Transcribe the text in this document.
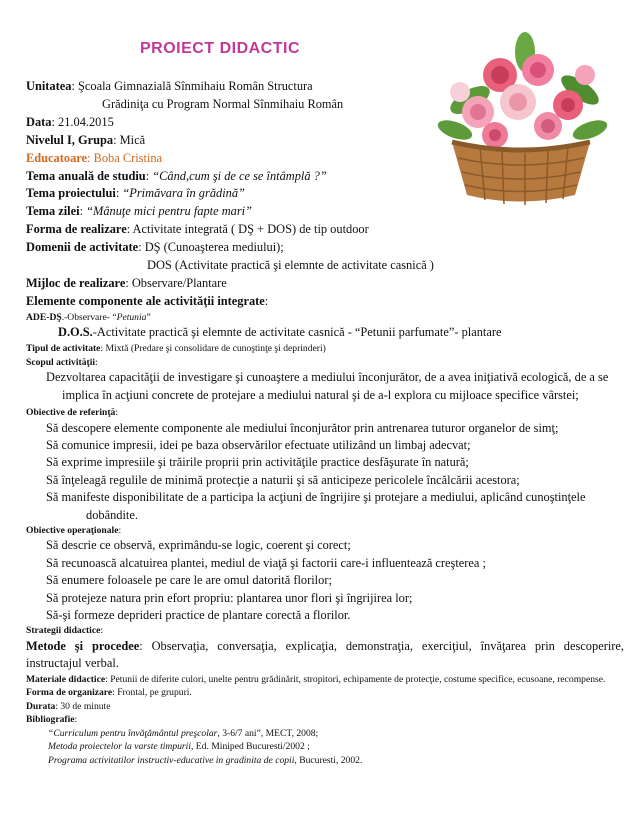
PROIECT DIDACTIC
Unitatea: Şcoala Gimnazială Sînmihaiu Român Structura
Grădiniţa cu Program Normal Sînmihaiu Român
Data: 21.04.2015
Nivelul I, Grupa: Mică
Educatoare: Boba Cristina
Tema anuală de studiu: “Când,cum şi de ce se întâmplă ?”
Tema proiectului: “Primăvara în grădină”
Tema zilei: “Mânuţe mici pentru fapte mari”
Forma de realizare: Activitate integrată ( DŞ + DOS) de tip outdoor
Domenii de activitate: DŞ (Cunoaşterea mediului);
DOS (Activitate practică şi elemnte de activitate casnică )
Mijloc de realizare: Observare/Plantare
Elemente componente ale activităţii integrate:
ADE-DŞ.-Observare- “Petunia”
D.O.S.-Activitate practică şi elemnte de activitate casnică - “Petunii parfumate”- plantare
Tipul de activitate: Mixtă (Predare şi consolidare de cunoştinţe şi deprinderi)
Scopul activităţii:
Dezvoltarea capacităţii de investigare şi cunoaştere a mediului înconjurător, de a avea iniţiativă ecologică, de a se
implica în acţiuni concrete de protejare a mediului natural şi de a-l explora cu mijloace specifice vârstei;
Obiective de referinţă:
Să descopere elemente componente ale mediului înconjurător prin antrenarea tuturor organelor de simţ;
Să comunice impresii, idei pe baza observărilor efectuate utilizând un limbaj adecvat;
Să exprime impresiile şi trăirile proprii prin activităţile practice desfăşurate în natură;
Să înţeleagă regulile de minimă protecţie a naturii şi să anticipeze pericolele încălcării acestora;
Să manifeste disponibilitate de a participa la acţiuni de îngrijire şi protejare a mediului, aplicând cunoştinţele
dobândite.
Obiective operaţionale:
Să descrie ce observă, exprimându-se logic, coerent şi corect;
Să recunoască alcatuirea plantei, mediul de viaţă şi factorii care-i influentează creşterea ;
Să enumere foloasele pe care le are omul datorită florilor;
Să protejeze natura prin efort propriu: plantarea unor flori şi îngrijirea lor;
Să-şi formeze deprideri practice de plantare corectă a florilor.
Strategii didactice:
Metode şi procedee: Observaţia, conversaţia, explicaţia, demonstraţia, exerciţiul, învăţarea prin descoperire, instructajul verbal.
Materiale didactice: Petunii de diferite culori, unelte pentru grădinărit, stropitori, echipamente de protecţie, costume specifice, ecusoane, recompense.
Forma de organizare: Frontal, pe grupuri.
Durata: 30 de minute
Bibliografie:
“Curriculum pentru învăţământul preşcolar, 3-6/7 ani”, MECT, 2008;
Metoda proiectelor la varste timpurii, Ed. Miniped Bucuresti/2002 ;
Programa activitatilor instructiv-educative in gradinita de copii, Bucuresti, 2002.
